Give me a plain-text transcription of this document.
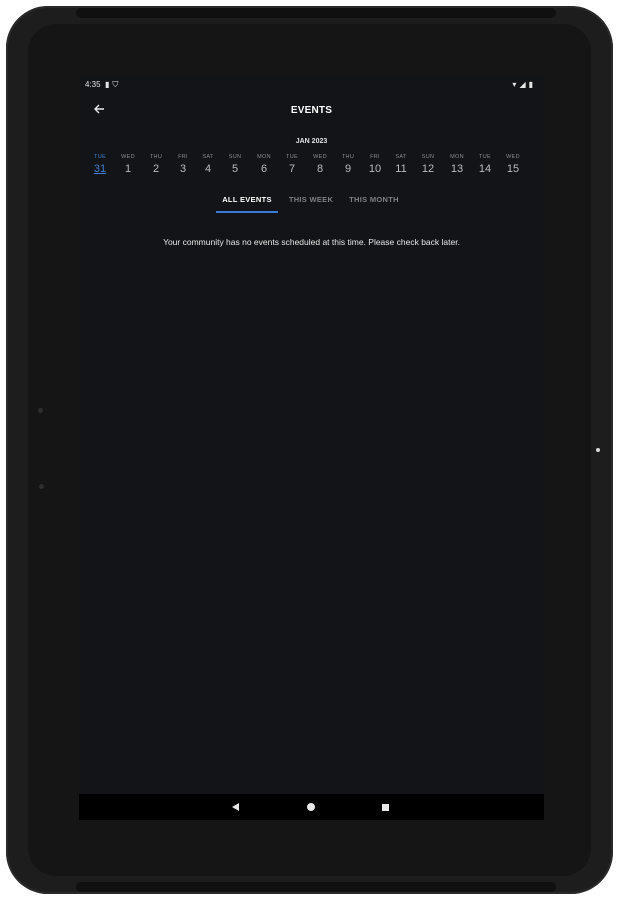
4:35 ▮⛉	▾◢▮
EVENTS
JAN 2023
TUE
31
WED
1
THU
2
FRI
3
SAT
4
SUN
5
MON
6
TUE
7
WED
8
THU
9
FRI
10
SAT
11
SUN
12
MON
13
TUE
14
WED
15
ALL EVENTS	THIS WEEK	THIS MONTH
Your community has no events scheduled at this time. Please check back later.
